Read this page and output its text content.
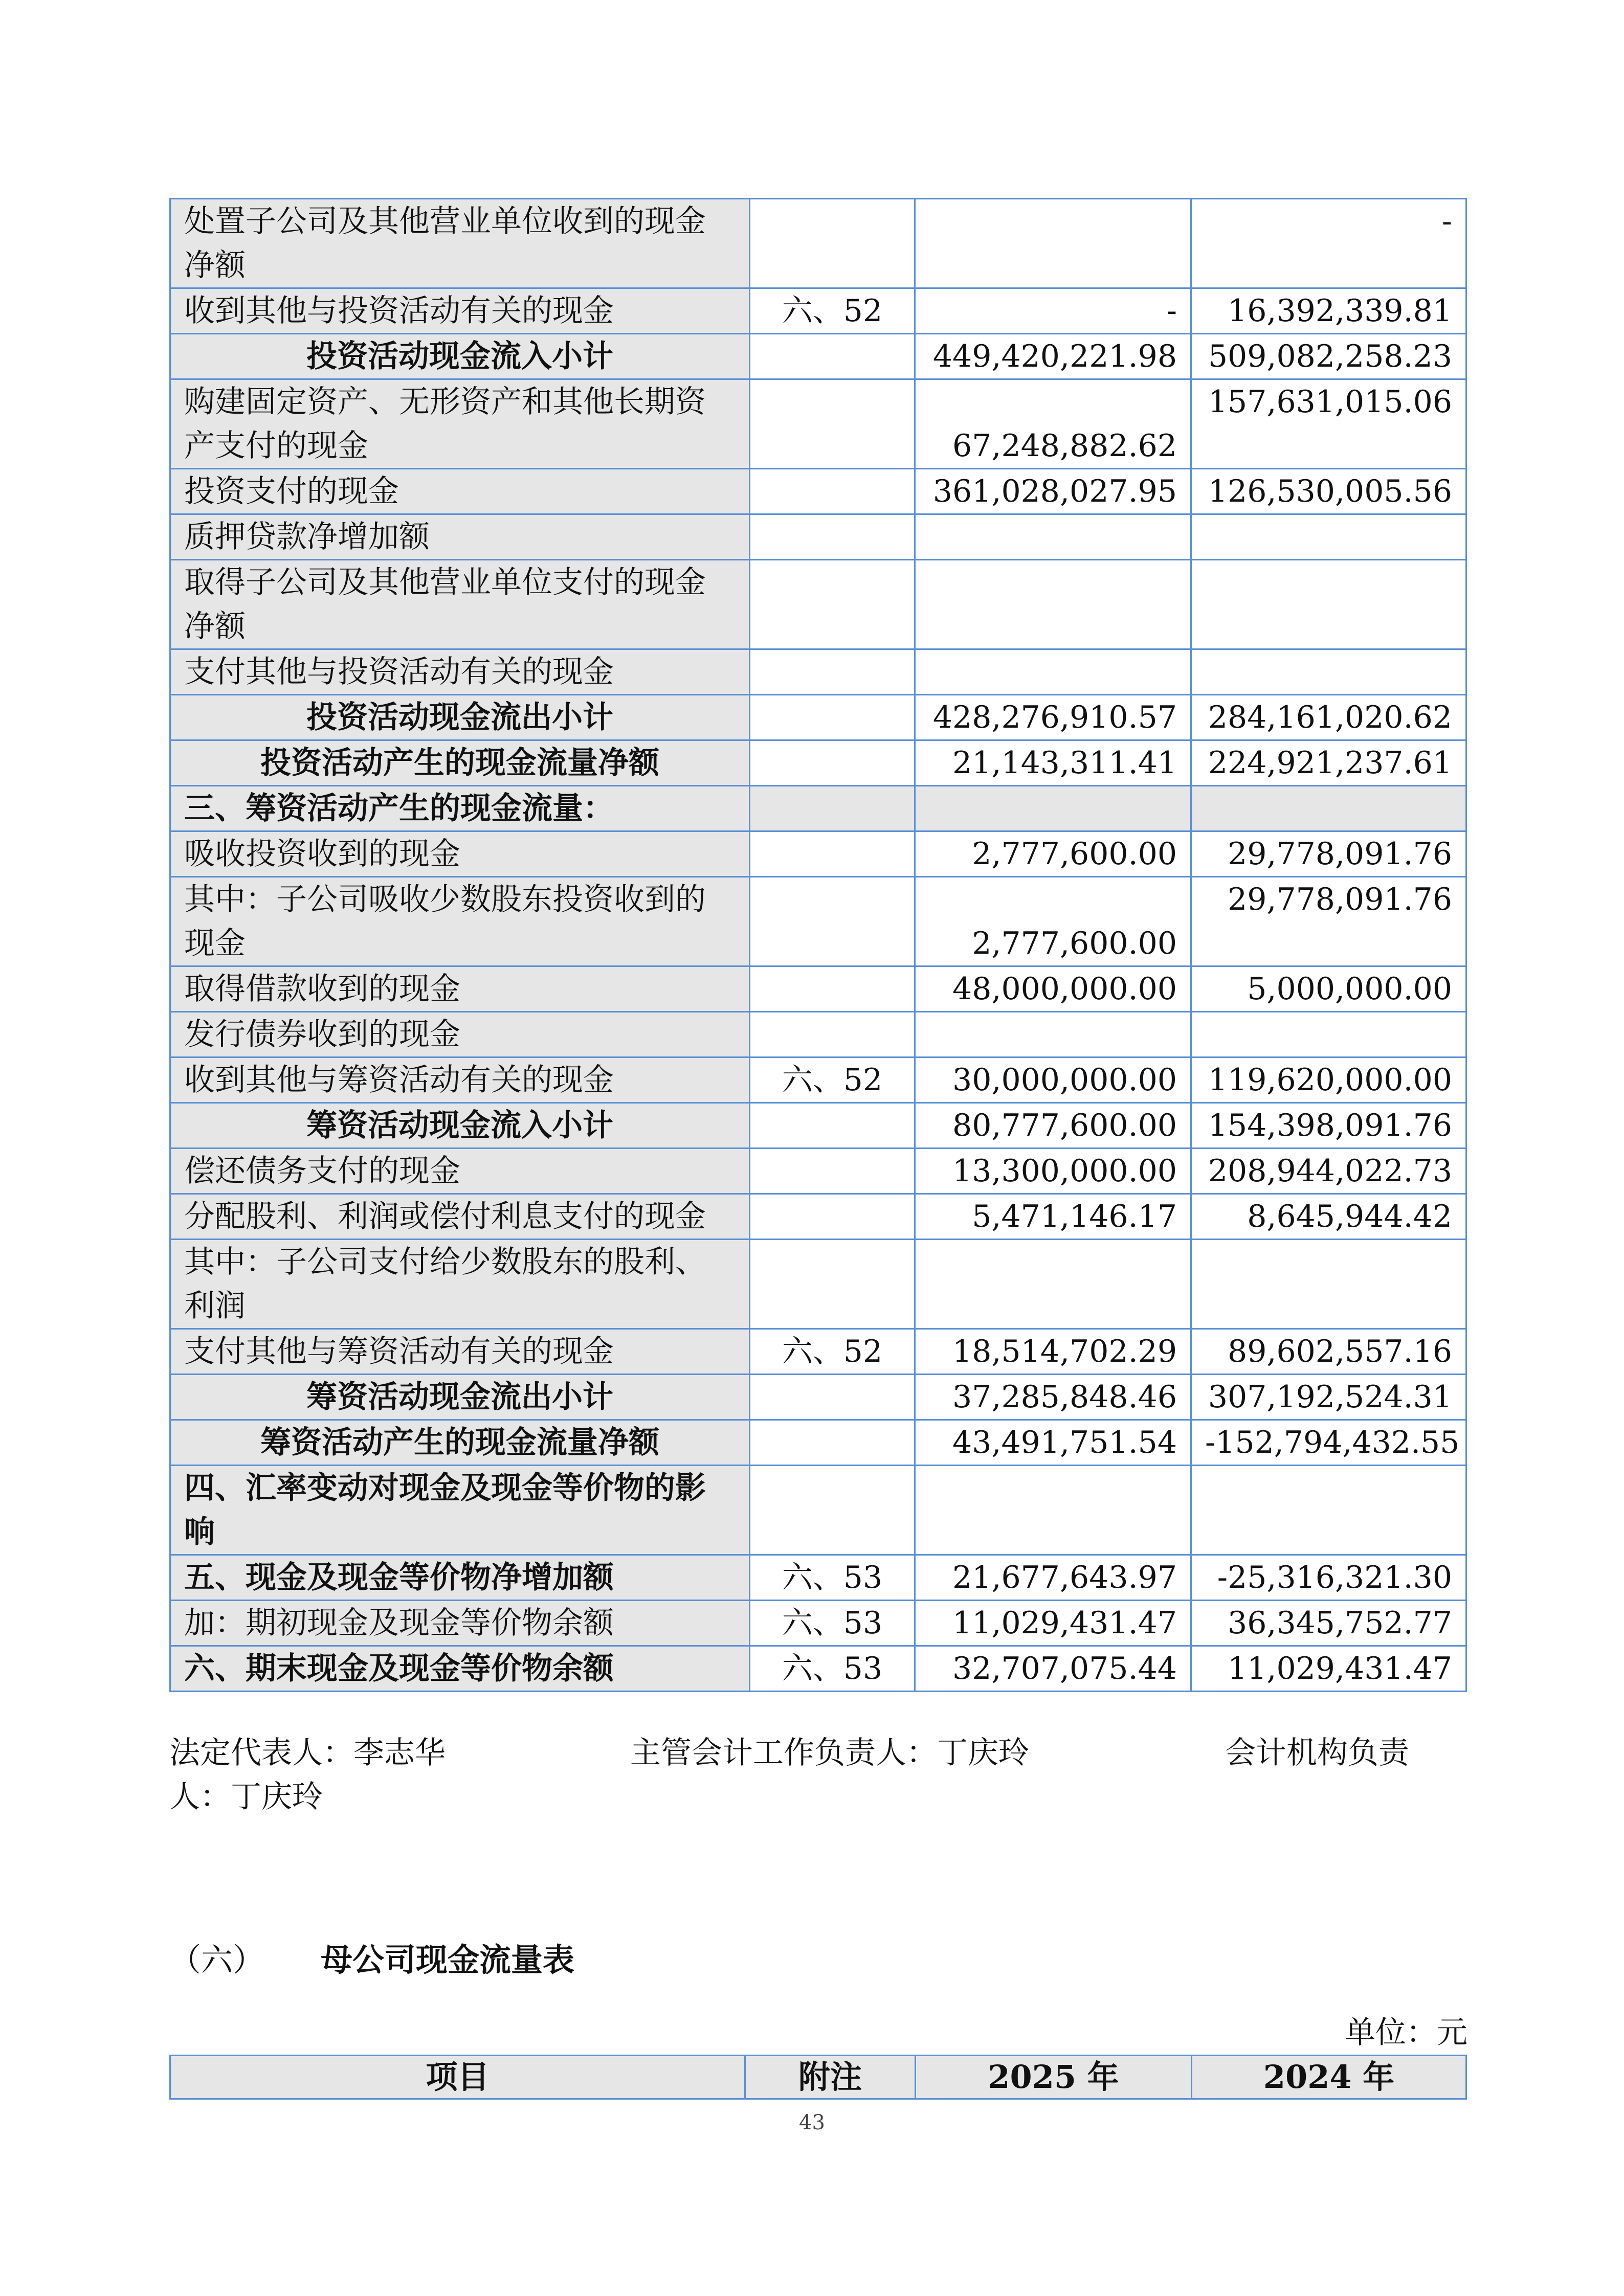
处置子公司及其他营业单位收到的现金净额			-
收到其他与投资活动有关的现金	六、52	-	16,392,339.81
投资活动现金流入小计		449,420,221.98	509,082,258.23
购建固定资产、无形资产和其他长期资产支付的现金		67,248,882.62	157,631,015.06
投资支付的现金		361,028,027.95	126,530,005.56
质押贷款净增加额			
取得子公司及其他营业单位支付的现金净额			
支付其他与投资活动有关的现金			
投资活动现金流出小计		428,276,910.57	284,161,020.62
投资活动产生的现金流量净额		21,143,311.41	224,921,237.61
三、筹资活动产生的现金流量：			
吸收投资收到的现金		2,777,600.00	29,778,091.76
其中：子公司吸收少数股东投资收到的现金		2,777,600.00	29,778,091.76
取得借款收到的现金		48,000,000.00	5,000,000.00
发行债券收到的现金			
收到其他与筹资活动有关的现金	六、52	30,000,000.00	119,620,000.00
筹资活动现金流入小计		80,777,600.00	154,398,091.76
偿还债务支付的现金		13,300,000.00	208,944,022.73
分配股利、利润或偿付利息支付的现金		5,471,146.17	8,645,944.42
其中：子公司支付给少数股东的股利、利润			
支付其他与筹资活动有关的现金	六、52	18,514,702.29	89,602,557.16
筹资活动现金流出小计		37,285,848.46	307,192,524.31
筹资活动产生的现金流量净额		43,491,751.54	-152,794,432.55
四、汇率变动对现金及现金等价物的影响			
五、现金及现金等价物净增加额	六、53	21,677,643.97	-25,316,321.30
加：期初现金及现金等价物余额	六、53	11,029,431.47	36,345,752.77
六、期末现金及现金等价物余额	六、53	32,707,075.44	11,029,431.47
法定代表人：李志华	主管会计工作负责人：丁庆玲	会计机构负责
人：丁庆玲
（六） 母公司现金流量表
单位：元
项目	附注	2025 年	2024 年
43
